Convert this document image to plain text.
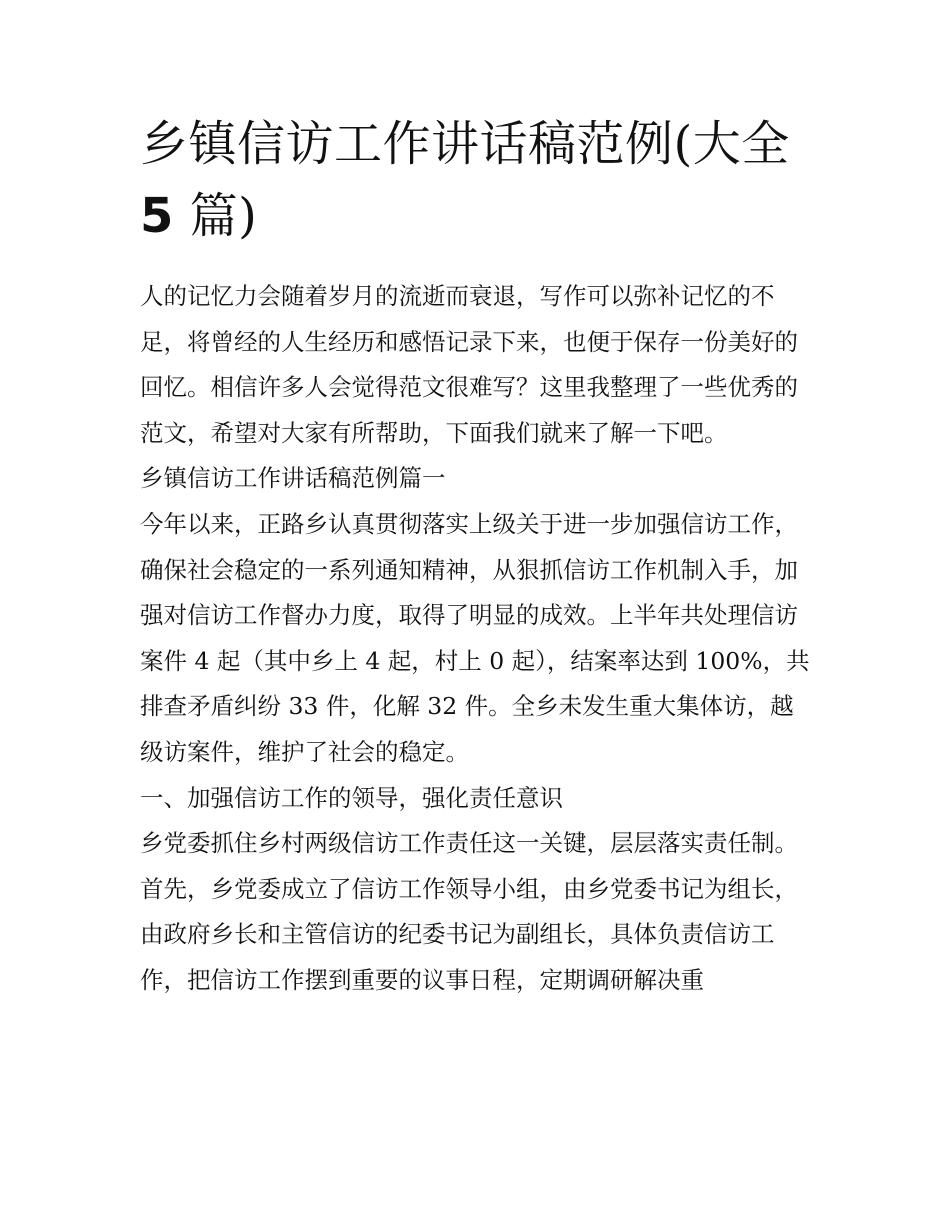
乡镇信访工作讲话稿范例(大全
5 篇)

人的记忆力会随着岁月的流逝而衰退，写作可以弥补记忆的不足，将曾经的人生经历和感悟记录下来，也便于保存一份美好的回忆。相信许多人会觉得范文很难写？这里我整理了一些优秀的范文，希望对大家有所帮助，下面我们就来了解一下吧。

乡镇信访工作讲话稿范例篇一

今年以来，正路乡认真贯彻落实上级关于进一步加强信访工作，确保社会稳定的一系列通知精神，从狠抓信访工作机制入手，加强对信访工作督办力度，取得了明显的成效。上半年共处理信访案件 4 起（其中乡上 4 起，村上 0 起），结案率达到 100%，共排查矛盾纠纷 33 件，化解 32 件。全乡未发生重大集体访，越级访案件，维护了社会的稳定。

一、加强信访工作的领导，强化责任意识

乡党委抓住乡村两级信访工作责任这一关键，层层落实责任制。首先，乡党委成立了信访工作领导小组，由乡党委书记为组长，由政府乡长和主管信访的纪委书记为副组长，具体负责信访工作，把信访工作摆到重要的议事日程，定期调研解决重
